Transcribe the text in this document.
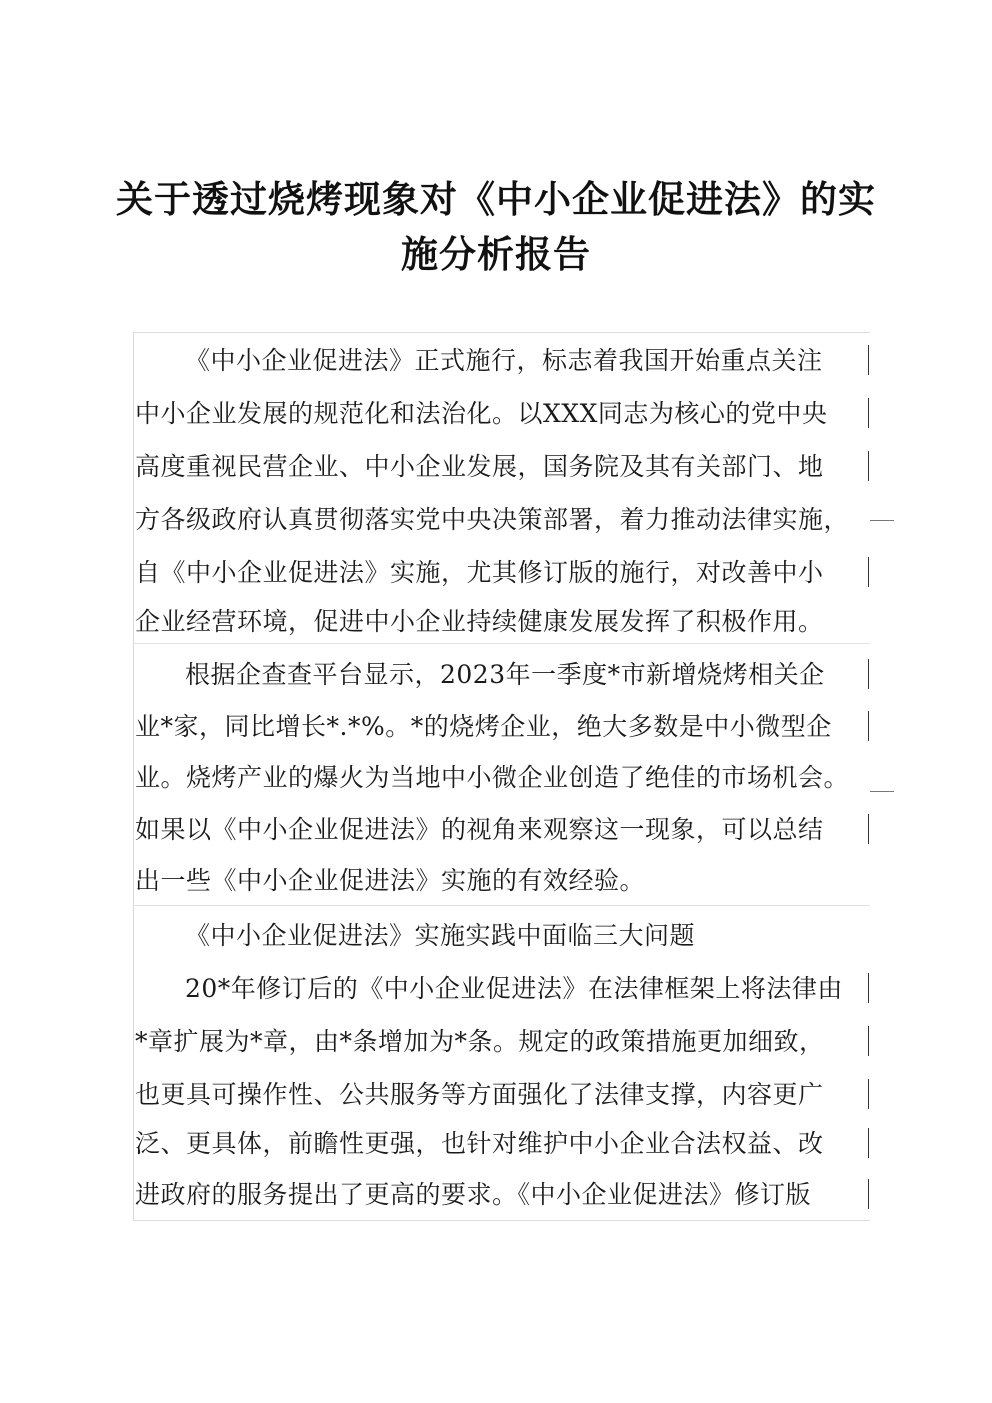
关于透过烧烤现象对《中小企业促进法》的实
施分析报告
《中小企业促进法》正式施行，标志着我国开始重点关注
中小企业发展的规范化和法治化。以XXX同志为核心的党中央
高度重视民营企业、中小企业发展，国务院及其有关部门、地
方各级政府认真贯彻落实党中央决策部署，着力推动法律实施，
自《中小企业促进法》实施，尤其修订版的施行，对改善中小
企业经营环境，促进中小企业持续健康发展发挥了积极作用。
根据企查查平台显示，2023年一季度*市新增烧烤相关企
业*家，同比增长*.*%。*的烧烤企业，绝大多数是中小微型企
业。烧烤产业的爆火为当地中小微企业创造了绝佳的市场机会。
如果以《中小企业促进法》的视角来观察这一现象，可以总结
出一些《中小企业促进法》实施的有效经验。
《中小企业促进法》实施实践中面临三大问题
20*年修订后的《中小企业促进法》在法律框架上将法律由
*章扩展为*章，由*条增加为*条。规定的政策措施更加细致，
也更具可操作性、公共服务等方面强化了法律支撑，内容更广
泛、更具体，前瞻性更强，也针对维护中小企业合法权益、改
进政府的服务提出了更高的要求。《中小企业促进法》修订版
